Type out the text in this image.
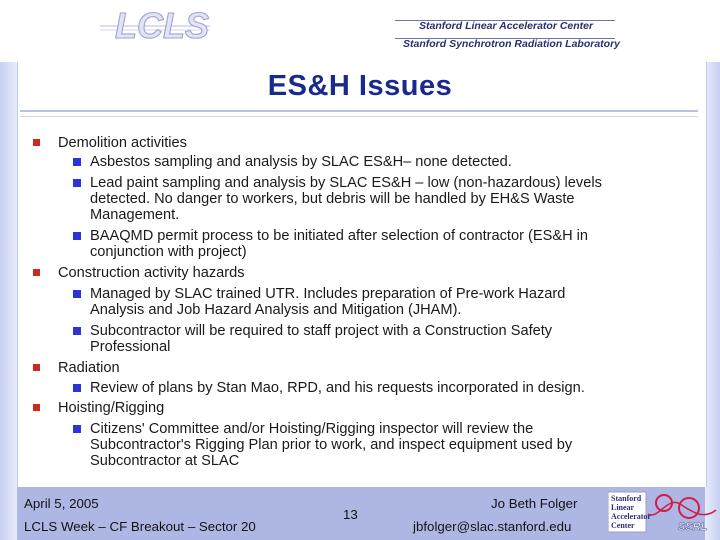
LCLS	Stanford Linear Accelerator Center
Stanford Synchrotron Radiation Laboratory
ES&H Issues
Demolition activities
Asbestos sampling and analysis by SLAC ES&H– none detected.
Lead paint sampling and analysis by SLAC ES&H – low (non-hazardous) levels
detected. No danger to workers, but debris will be handled by EH&S Waste
Management.
BAAQMD permit process to be initiated after selection of contractor (ES&H in
conjunction with project)
Construction activity hazards
Managed by SLAC trained UTR. Includes preparation of Pre-work Hazard
Analysis and Job Hazard Analysis and Mitigation (JHAM).
Subcontractor will be required to staff project with a Construction Safety
Professional
Radiation
Review of plans by Stan Mao, RPD, and his requests incorporated in design.
Hoisting/Rigging
Citizens' Committee and/or Hoisting/Rigging inspector will review the
Subcontractor's Rigging Plan prior to work, and inspect equipment used by
Subcontractor at SLAC
April 5, 2005
LCLS Week – CF Breakout – Sector 20
13
Jo Beth Folger
jbfolger@slac.stanford.edu
Stanford
Linear
Accelerator
Center	SSRL
